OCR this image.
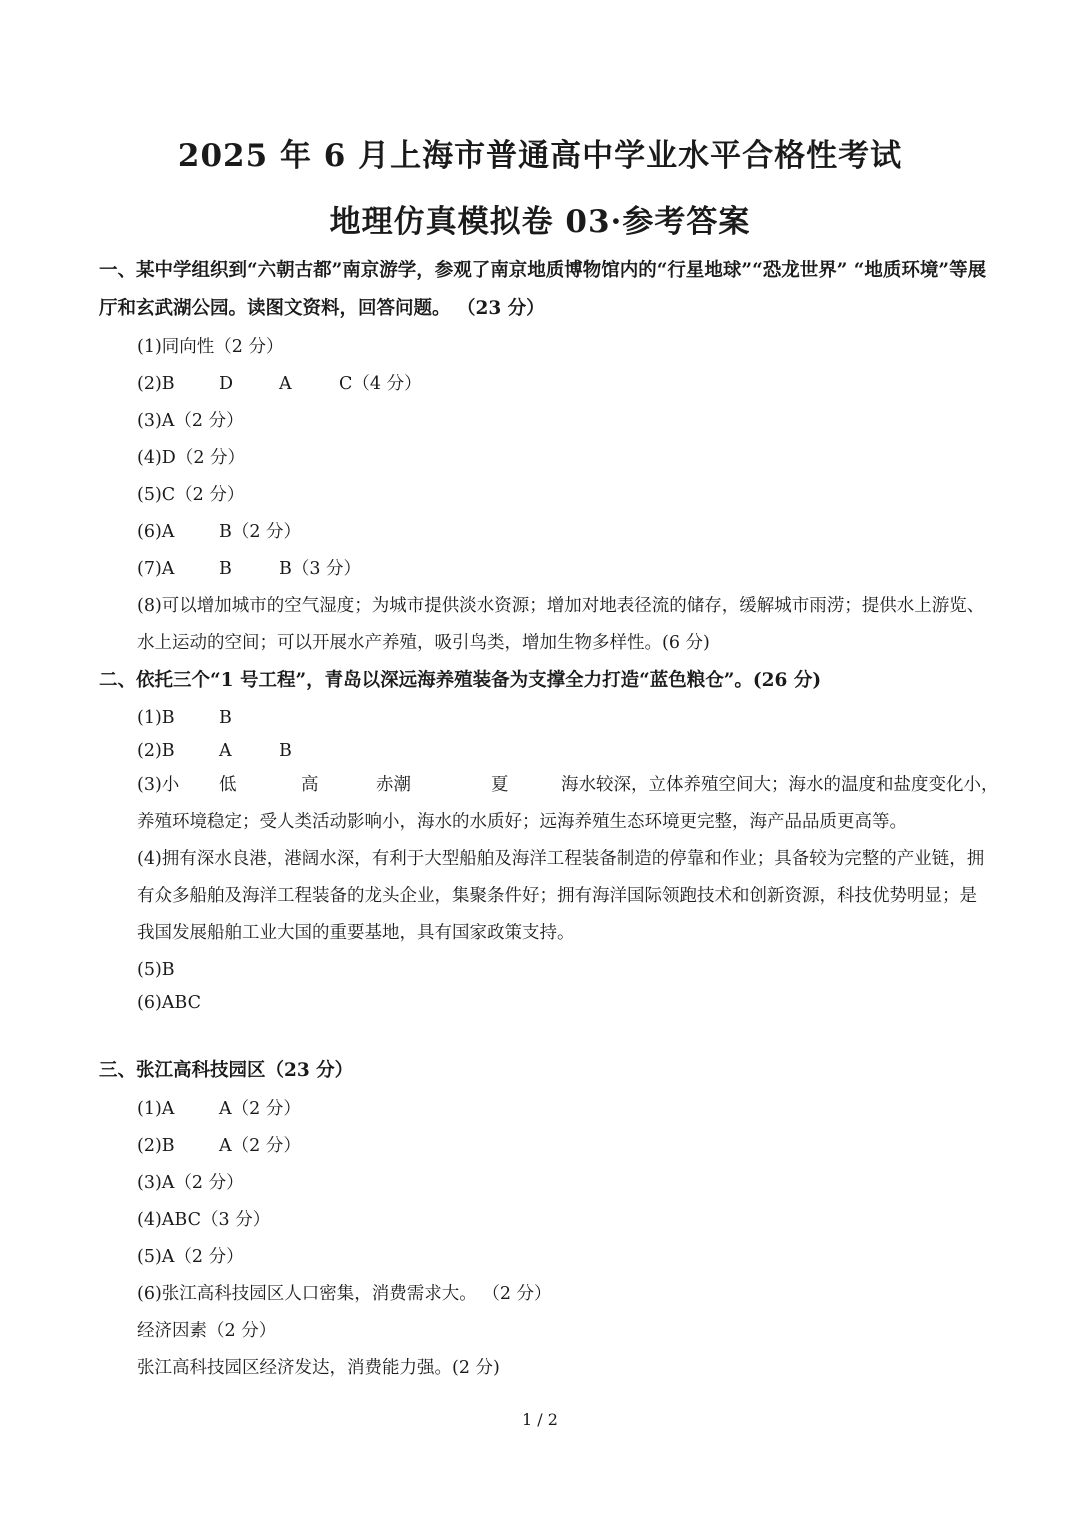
2025 年 6 月上海市普通高中学业水平合格性考试
地理仿真模拟卷 03·参考答案

一、某中学组织到“六朝古都”南京游学，参观了南京地质博物馆内的“行星地球”“恐龙世界” “地质环境”等展厅和玄武湖公园。读图文资料，回答问题。 （23 分）

(1)同向性（2 分）

(2)B	D	A	C（4 分）

(3)A（2 分）

(4)D（2 分）

(5)C（2 分）

(6)A	B（2 分）

(7)A	B	B（3 分）

(8)可以增加城市的空气湿度；为城市提供淡水资源；增加对地表径流的储存，缓解城市雨涝；提供水上游览、水上运动的空间；可以开展水产养殖，吸引鸟类，增加生物多样性。(6 分)

二、依托三个“1 号工程”，青岛以深远海养殖装备为支撑全力打造“蓝色粮仓”。(26 分)

(1)B	B

(2)B	A	B

(3)小 低	高	赤潮	夏	海水较深，立体养殖空间大；海水的温度和盐度变化小，

养殖环境稳定；受人类活动影响小，海水的水质好；远海养殖生态环境更完整，海产品品质更高等。

(4)拥有深水良港，港阔水深，有利于大型船舶及海洋工程装备制造的停靠和作业；具备较为完整的产业链，拥有众多船舶及海洋工程装备的龙头企业，集聚条件好；拥有海洋国际领跑技术和创新资源，科技优势明显；是我国发展船舶工业大国的重要基地，具有国家政策支持。

(5)B

(6)ABC

三、张江高科技园区（23 分）

(1)A	A（2 分）

(2)B	A（2 分）

(3)A（2 分）

(4)ABC（3 分）

(5)A（2 分）

(6)张江高科技园区人口密集，消费需求大。 （2 分）

经济因素（2 分）

张江高科技园区经济发达，消费能力强。(2 分)

1 / 2
